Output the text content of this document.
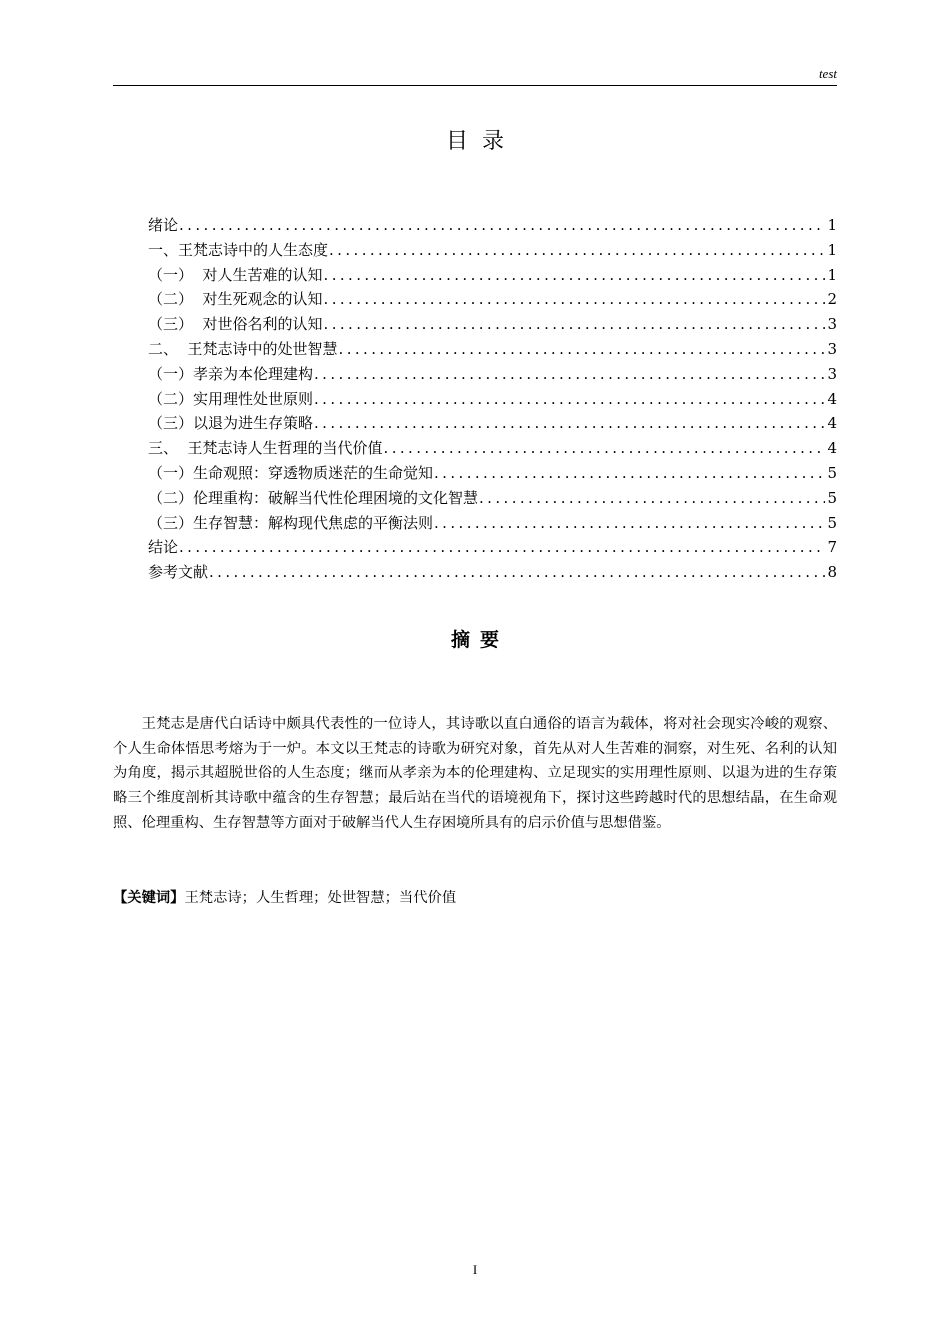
test
目录
绪论 .....	1
一、王梵志诗中的人生态度 .....	1
（一）  对人生苦难的认知 .....	1
（二）  对生死观念的认知 .....	2
（三）  对世俗名利的认知 .....	3
二、  王梵志诗中的处世智慧 .....	3
（一）孝亲为本伦理建构 .....	3
（二）实用理性处世原则 .....	4
（三）以退为进生存策略 .....	4
三、  王梵志诗人生哲理的当代价值 .....	4
（一）生命观照：穿透物质迷茫的生命觉知 .....	5
（二）伦理重构：破解当代性伦理困境的文化智慧 .....	5
（三）生存智慧：解构现代焦虑的平衡法则 .....	5
结论 .....	7
参考文献 .....	8
摘要
王梵志是唐代白话诗中颇具代表性的一位诗人，其诗歌以直白通俗的语言为载体，将对社会现实冷峻的观察、个人生命体悟思考熔为于一炉。本文以王梵志的诗歌为研究对象，首先从对人生苦难的洞察，对生死、名利的认知为角度，揭示其超脱世俗的人生态度；继而从孝亲为本的伦理建构、立足现实的实用理性原则、以退为进的生存策略三个维度剖析其诗歌中蕴含的生存智慧；最后站在当代的语境视角下，探讨这些跨越时代的思想结晶，在生命观照、伦理重构、生存智慧等方面对于破解当代人生存困境所具有的启示价值与思想借鉴。
【关键词】王梵志诗；人生哲理；处世智慧；当代价值
I
